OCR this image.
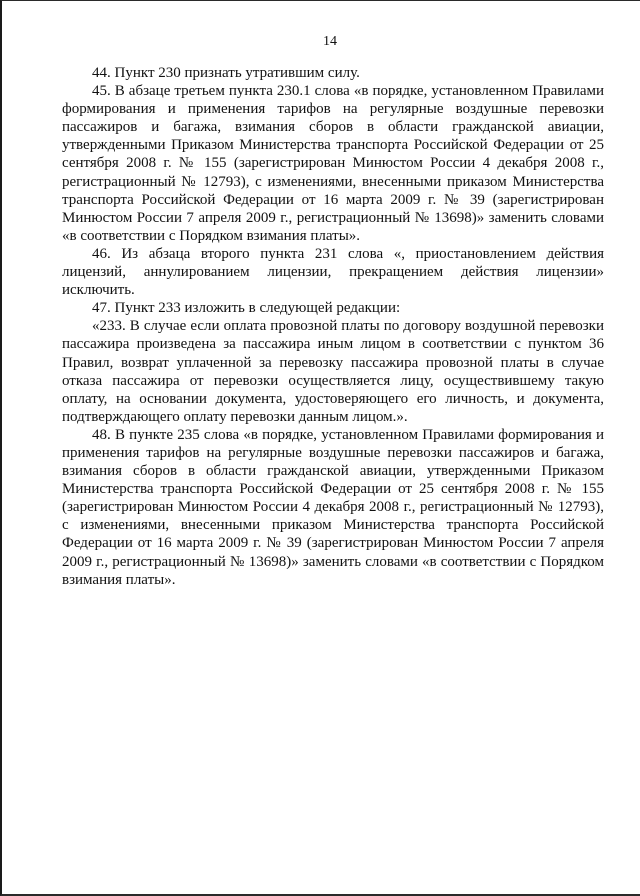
14

44. Пункт 230 признать утратившим силу.

45. В абзаце третьем пункта 230.1 слова «в порядке, установленном Правилами формирования и применения тарифов на регулярные воздушные перевозки пассажиров и багажа, взимания сборов в области гражданской авиации, утвержденными Приказом Министерства транспорта Российской Федерации от 25 сентября 2008 г. № 155 (зарегистрирован Минюстом России 4 декабря 2008 г., регистрационный № 12793), с изменениями, внесенными приказом Министерства транспорта Российской Федерации от 16 марта 2009 г. № 39 (зарегистрирован Минюстом России 7 апреля 2009 г., регистрационный № 13698)» заменить словами «в соответствии с Порядком взимания платы».

46. Из абзаца второго пункта 231 слова «, приостановлением действия лицензий, аннулированием лицензии, прекращением действия лицензии» исключить.

47. Пункт 233 изложить в следующей редакции:

«233. В случае если оплата провозной платы по договору воздушной перевозки пассажира произведена за пассажира иным лицом в соответствии с пунктом 36 Правил, возврат уплаченной за перевозку пассажира провозной платы в случае отказа пассажира от перевозки осуществляется лицу, осуществившему такую оплату, на основании документа, удостоверяющего его личность, и документа, подтверждающего оплату перевозки данным лицом.».

48. В пункте 235 слова «в порядке, установленном Правилами формирования и применения тарифов на регулярные воздушные перевозки пассажиров и багажа, взимания сборов в области гражданской авиации, утвержденными Приказом Министерства транспорта Российской Федерации от 25 сентября 2008 г. № 155 (зарегистрирован Минюстом России 4 декабря 2008 г., регистрационный № 12793), с изменениями, внесенными приказом Министерства транспорта Российской Федерации от 16 марта 2009 г. № 39 (зарегистрирован Минюстом России 7 апреля 2009 г., регистрационный № 13698)» заменить словами «в соответствии с Порядком взимания платы».
